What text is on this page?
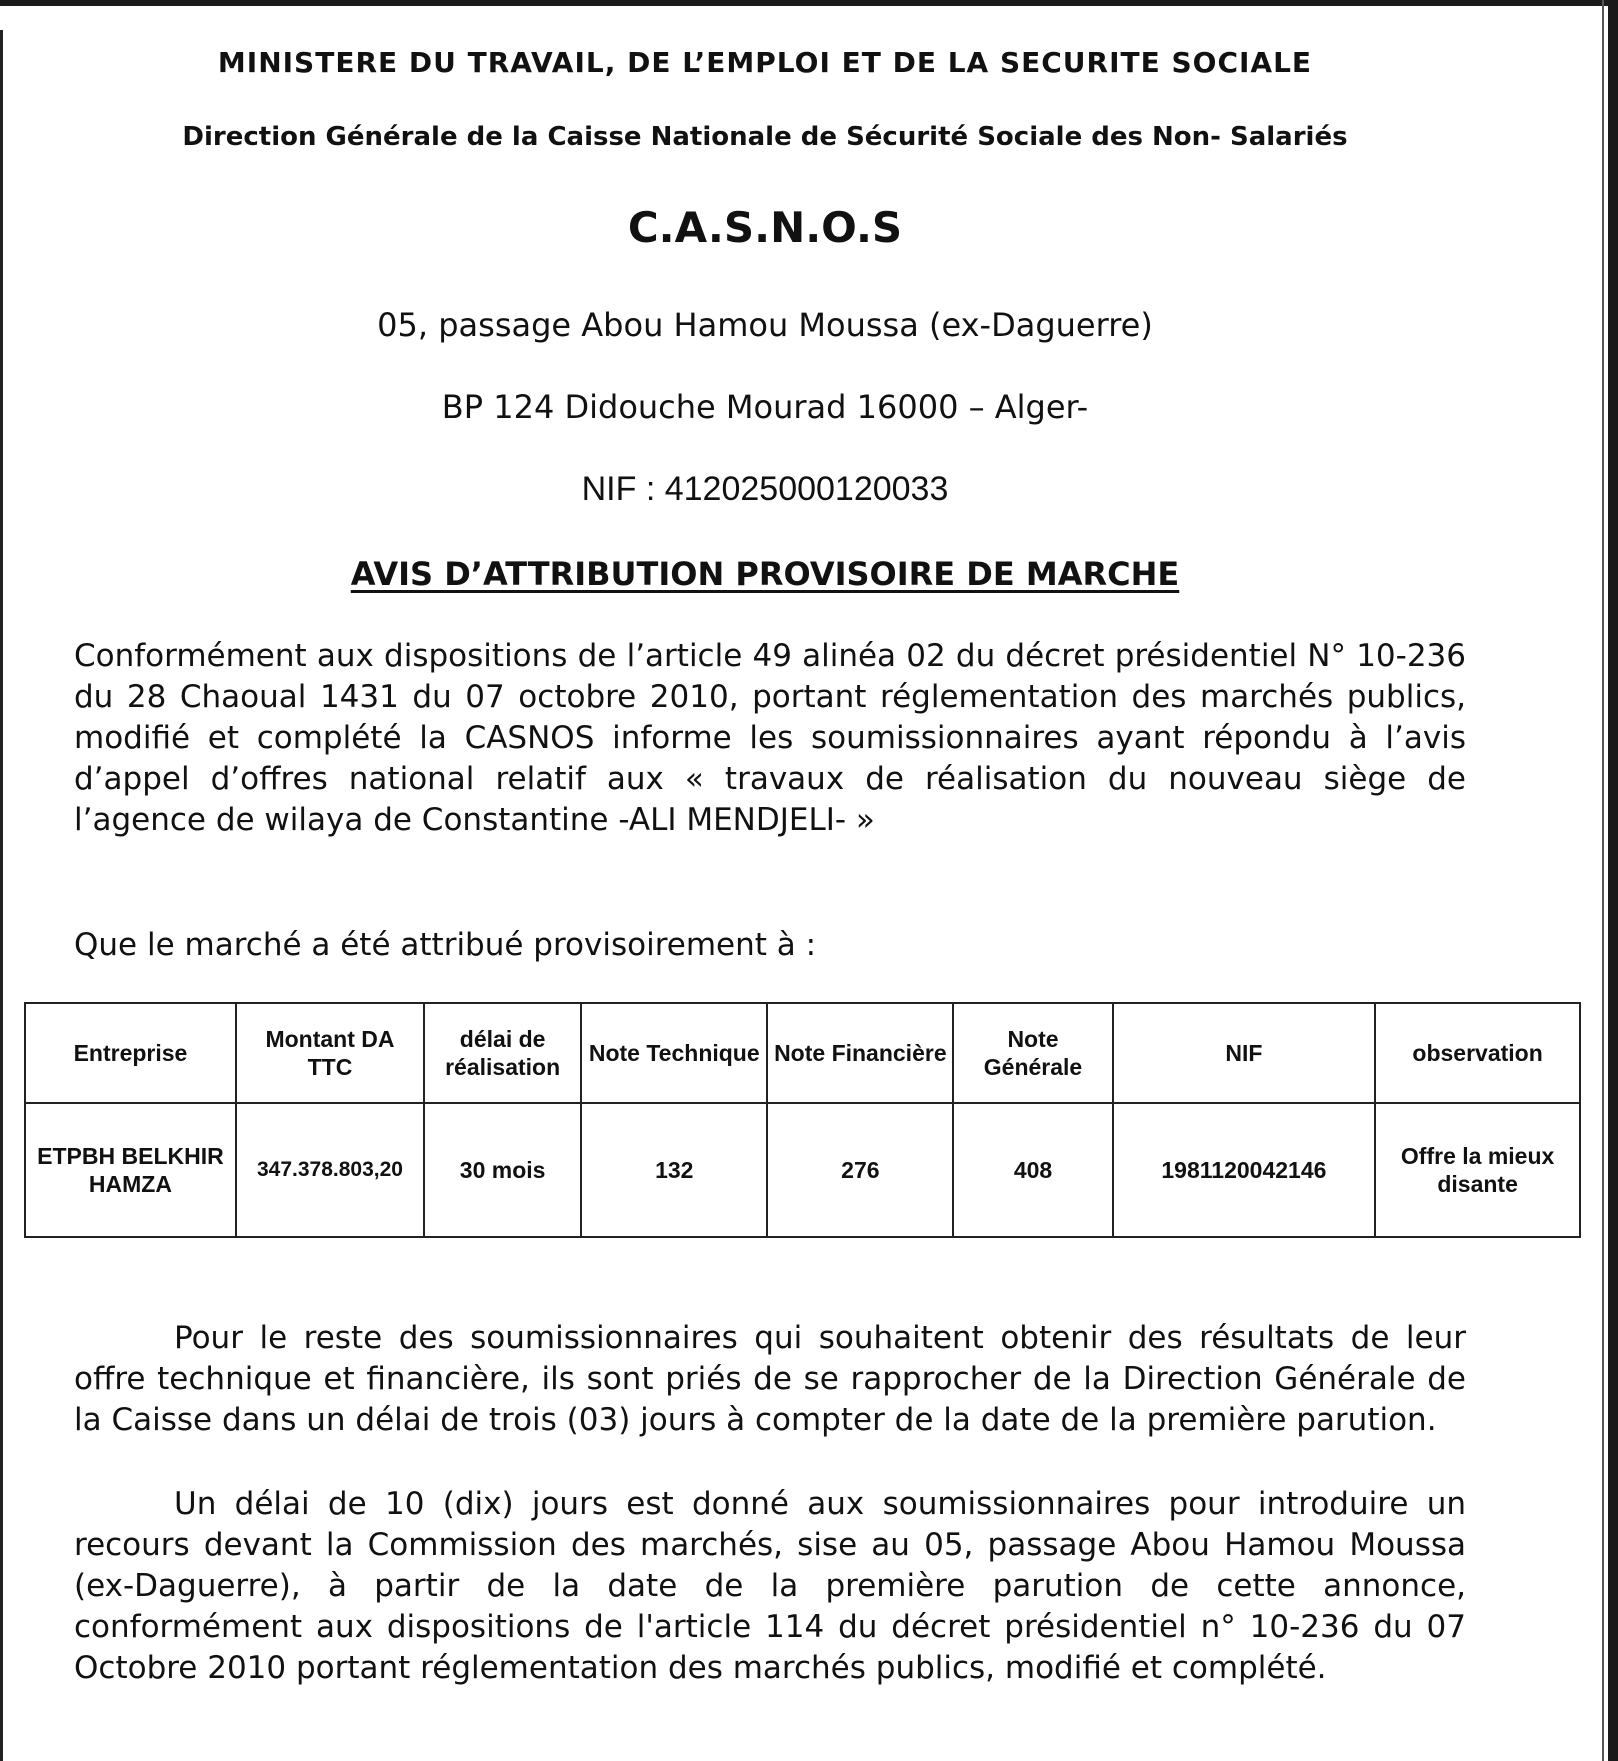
MINISTERE DU TRAVAIL, DE L’EMPLOI ET DE LA SECURITE SOCIALE
Direction Générale de la Caisse Nationale de Sécurité Sociale des Non- Salariés
C.A.S.N.O.S
05, passage Abou Hamou Moussa (ex-Daguerre)
BP 124 Didouche Mourad 16000 – Alger-
NIF : 412025000120033
AVIS D’ATTRIBUTION PROVISOIRE DE MARCHE
Conformément aux dispositions de l’article 49 alinéa 02 du décret présidentiel N° 10-236 du 28 Chaoual 1431 du 07 octobre 2010, portant réglementation des marchés publics, modifié et complété la CASNOS informe les soumissionnaires ayant répondu à l’avis d’appel d’offres national relatif aux « travaux de réalisation du nouveau siège de l’agence de wilaya de Constantine -ALI MENDJELI- »
Que le marché a été attribué provisoirement à :
Entreprise	Montant DA TTC	délai de réalisation	Note Technique	Note Financière	Note Générale	NIF	observation
ETPBH BELKHIR HAMZA	347.378.803,20	30 mois	132	276	408	1981120042146	Offre la mieux disante
Pour le reste des soumissionnaires qui souhaitent obtenir des résultats de leur offre technique et financière, ils sont priés de se rapprocher de la Direction Générale de la Caisse dans un délai de trois (03) jours à compter de la date de la première parution.
Un délai de 10 (dix) jours est donné aux soumissionnaires pour introduire un recours devant la Commission des marchés, sise au 05, passage Abou Hamou Moussa (ex-Daguerre), à partir de la date de la première parution de cette annonce, conformément aux dispositions de l'article 114 du décret présidentiel n° 10-236 du 07 Octobre 2010 portant réglementation des marchés publics, modifié et complété.
